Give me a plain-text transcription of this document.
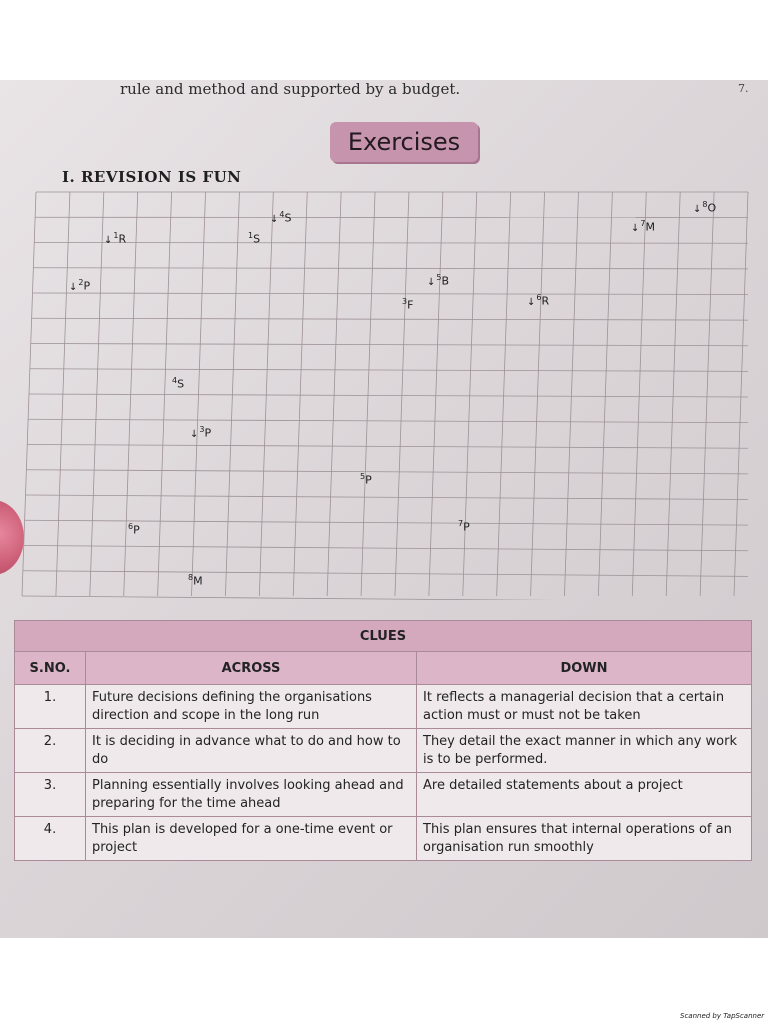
rule and method and supported by a budget.	7.
Exercises

I. REVISION IS FUN

↓$^4$S
↓$^8$O
↓$^1$R	$^1$S
↓$^7$M
↓$^2$P	↓$^5$B
$^3$F	↓$^6$R
$^4$S
↓$^3$P
$^5$P
$^6$P
$^7$P
$^8$M
CLUES		
S.NO.	ACROSS	DOWN
1.	Future decisions defining the organisations direction and scope in the long run	It reflects a managerial decision that a certain action must or must not be taken
2.	It is deciding in advance what to do and how to do	They detail the exact manner in which any work is to be performed.
3.	Planning essentially involves looking ahead and preparing for the time ahead	Are detailed statements about a project
4.	This plan is developed for a one-time event or project	This plan ensures that internal operations of an organisation run smoothly
Scanned by TapScanner
